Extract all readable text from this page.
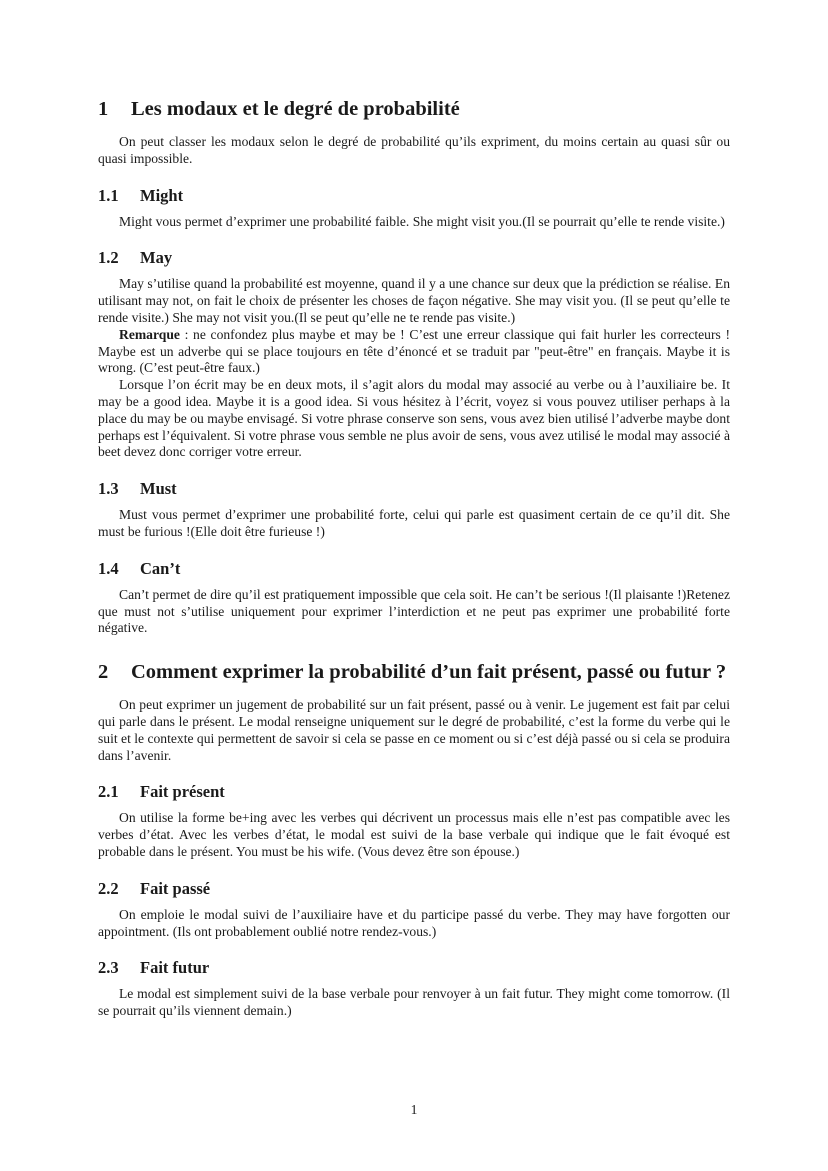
1	Les modaux et le degré de probabilité

On peut classer les modaux selon le degré de probabilité qu’ils expriment, du moins certain au quasi sûr ou quasi impossible.

1.1	Might

Might vous permet d’exprimer une probabilité faible. She might visit you.(Il se pourrait qu’elle te rende visite.)

1.2	May

May s’utilise quand la probabilité est moyenne, quand il y a une chance sur deux que la prédiction se réalise. En utilisant may not, on fait le choix de présenter les choses de façon négative. She may visit you. (Il se peut qu’elle te rende visite.) She may not visit you.(Il se peut qu’elle ne te rende pas visite.)

Remarque : ne confondez plus maybe et may be ! C’est une erreur classique qui fait hurler les correcteurs ! Maybe est un adverbe qui se place toujours en tête d’énoncé et se traduit par "peut-être" en français. Maybe it is wrong. (C’est peut-être faux.)

Lorsque l’on écrit may be en deux mots, il s’agit alors du modal may associé au verbe ou à l’auxiliaire be. It may be a good idea. Maybe it is a good idea. Si vous hésitez à l’écrit, voyez si vous pouvez utiliser perhaps à la place du may be ou maybe envisagé. Si votre phrase conserve son sens, vous avez bien utilisé l’adverbe maybe dont perhaps est l’équivalent. Si votre phrase vous semble ne plus avoir de sens, vous avez utilisé le modal may associé à beet devez donc corriger votre erreur.

1.3	Must

Must vous permet d’exprimer une probabilité forte, celui qui parle est quasiment certain de ce qu’il dit. She must be furious !(Elle doit être furieuse !)

1.4	Can’t

Can’t permet de dire qu’il est pratiquement impossible que cela soit. He can’t be serious !(Il plaisante !)Retenez que must not s’utilise uniquement pour exprimer l’interdiction et ne peut pas exprimer une probabilité forte négative.

2	Comment exprimer la probabilité d’un fait présent, passé ou futur ?

On peut exprimer un jugement de probabilité sur un fait présent, passé ou à venir. Le jugement est fait par celui qui parle dans le présent. Le modal renseigne uniquement sur le degré de probabilité, c’est la forme du verbe qui le suit et le contexte qui permettent de savoir si cela se passe en ce moment ou si c’est déjà passé ou si cela se produira dans l’avenir.

2.1	Fait présent

On utilise la forme be+ing avec les verbes qui décrivent un processus mais elle n’est pas compatible avec les verbes d’état. Avec les verbes d’état, le modal est suivi de la base verbale qui indique que le fait évoqué est probable dans le présent. You must be his wife. (Vous devez être son épouse.)

2.2	Fait passé

On emploie le modal suivi de l’auxiliaire have et du participe passé du verbe. They may have forgotten our appointment. (Ils ont probablement oublié notre rendez-vous.)

2.3	Fait futur

Le modal est simplement suivi de la base verbale pour renvoyer à un fait futur. They might come tomorrow. (Il se pourrait qu’ils viennent demain.)

1
